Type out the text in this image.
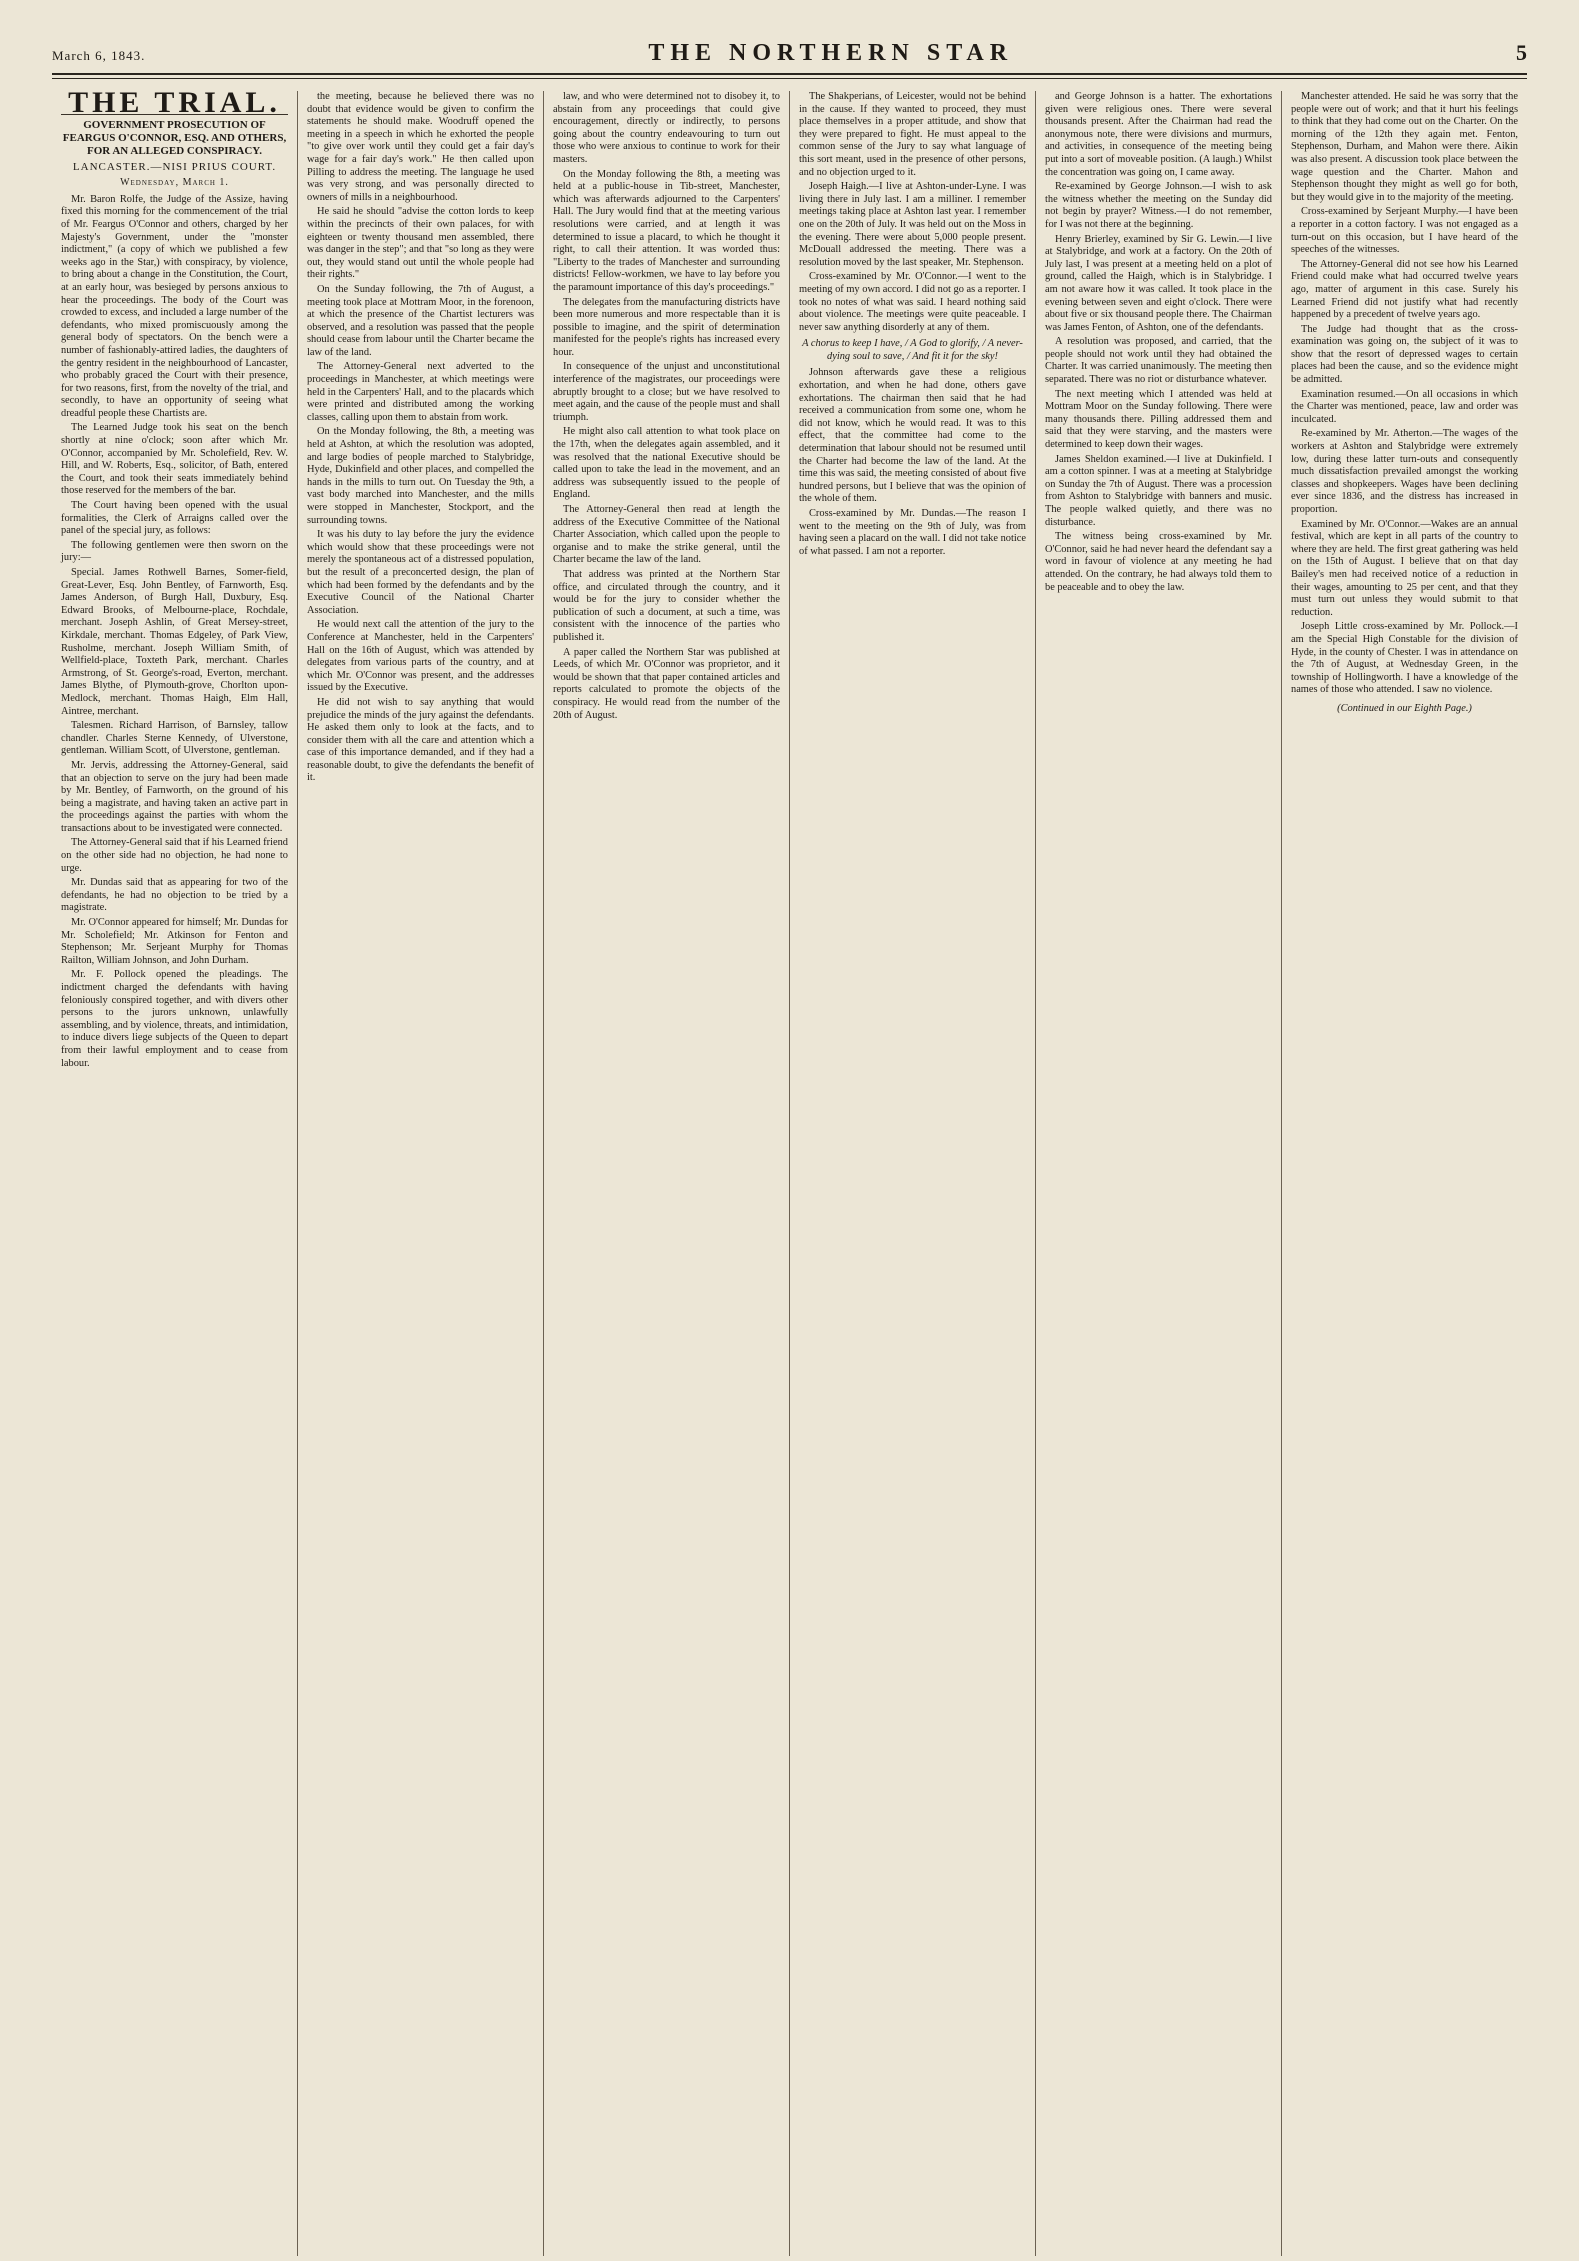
March 6, 1843.	THE NORTHERN STAR	5
THE TRIAL.
GOVERNMENT PROSECUTION OF FEARGUS O'CONNOR, ESQ. AND OTHERS, FOR AN ALLEGED CONSPIRACY.
LANCASTER.—NISI PRIUS COURT.
Wednesday, March 1.

Mr. Baron Rolfe, the Judge of the Assize, having fixed this morning for the commencement of the trial of Mr. Feargus O'Connor and others, charged by her Majesty's Government, under the "monster indictment," (a copy of which we published a few weeks ago in the Star,) with conspiracy, by violence, to bring about a change in the Constitution, the Court, at an early hour, was besieged by persons anxious to hear the proceedings. The body of the Court was crowded to excess, and included a large number of the defendants, who mixed promiscuously among the general body of spectators. On the bench were a number of fashionably-attired ladies, the daughters of the gentry resident in the neighbourhood of Lancaster, who probably graced the Court with their presence, for two reasons, first, from the novelty of the trial, and secondly, to have an opportunity of seeing what dreadful people these Chartists are.

The Learned Judge took his seat on the bench shortly at nine o'clock; soon after which Mr. O'Connor, accompanied by Mr. Scholefield, Rev. W. Hill, and W. Roberts, Esq., solicitor, of Bath, entered the Court, and took their seats immediately behind those reserved for the members of the bar.

The Court having been opened with the usual formalities, the Clerk of Arraigns called over the panel of the special jury, as follows:

The following gentlemen were then sworn on the jury:—

Special. James Rothwell Barnes, Somer-field, Great-Lever, Esq. John Bentley, of Farnworth, Esq. James Anderson, of Burgh Hall, Duxbury, Esq. Edward Brooks, of Melbourne-place, Rochdale, merchant. Joseph Ashlin, of Great Mersey-street, Kirkdale, merchant. Thomas Edgeley, of Park View, Rusholme, merchant. Joseph William Smith, of Wellfield-place, Toxteth Park, merchant. Charles Armstrong, of St. George's-road, Everton, merchant. James Blythe, of Plymouth-grove, Chorlton upon-Medlock, merchant. Thomas Haigh, Elm Hall, Aintree, merchant.

Talesmen. Richard Harrison, of Barnsley, tallow chandler. Charles Sterne Kennedy, of Ulverstone, gentleman. William Scott, of Ulverstone, gentleman.

Mr. Jervis, addressing the Attorney-General, said that an objection to serve on the jury had been made by Mr. Bentley, of Farnworth, on the ground of his being a magistrate, and having taken an active part in the proceedings against the parties with whom the transactions about to be investigated were connected.

The Attorney-General said that if his Learned friend on the other side had no objection, he had none to urge.

Mr. Dundas said that as appearing for two of the defendants, he had no objection to be tried by a magistrate.

Mr. O'Connor appeared for himself; Mr. Dundas for Mr. Scholefield; Mr. Atkinson for Fenton and Stephenson; Mr. Serjeant Murphy for Thomas Railton, William Johnson, and John Durham.

Mr. F. Pollock opened the pleadings. The indictment charged the defendants with having feloniously conspired together, and with divers other persons to the jurors unknown, unlawfully assembling, and by violence, threats, and intimidation, to induce divers liege subjects of the Queen to depart from their lawful employment and to cease from labour.

the meeting, because he believed there was no doubt that evidence would be given to confirm the statements he should make. Woodruff opened the meeting in a speech in which he exhorted the people "to give over work until they could get a fair day's wage for a fair day's work." He then called upon Pilling to address the meeting. The language he used was very strong, and was personally directed to owners of mills in a neighbourhood.

He said he should "advise the cotton lords to keep within the precincts of their own palaces, for with eighteen or twenty thousand men assembled, there was danger in the step"; and that "so long as they were out, they would stand out until the whole people had their rights."

On the Sunday following, the 7th of August, a meeting took place at Mottram Moor, in the forenoon, at which the presence of the Chartist lecturers was observed, and a resolution was passed that the people should cease from labour until the Charter became the law of the land.

The Attorney-General next adverted to the proceedings in Manchester, at which meetings were held in the Carpenters' Hall, and to the placards which were printed and distributed among the working classes, calling upon them to abstain from work.

On the Monday following, the 8th, a meeting was held at Ashton, at which the resolution was adopted, and large bodies of people marched to Stalybridge, Hyde, Dukinfield and other places, and compelled the hands in the mills to turn out. On Tuesday the 9th, a vast body marched into Manchester, and the mills were stopped in Manchester, Stockport, and the surrounding towns.

It was his duty to lay before the jury the evidence which would show that these proceedings were not merely the spontaneous act of a distressed population, but the result of a preconcerted design, the plan of which had been formed by the defendants and by the Executive Council of the National Charter Association.

He would next call the attention of the jury to the Conference at Manchester, held in the Carpenters' Hall on the 16th of August, which was attended by delegates from various parts of the country, and at which Mr. O'Connor was present, and the addresses issued by the Executive.

He did not wish to say anything that would prejudice the minds of the jury against the defendants. He asked them only to look at the facts, and to consider them with all the care and attention which a case of this importance demanded, and if they had a reasonable doubt, to give the defendants the benefit of it.

law, and who were determined not to disobey it, to abstain from any proceedings that could give encouragement, directly or indirectly, to persons going about the country endeavouring to turn out those who were anxious to continue to work for their masters.

On the Monday following the 8th, a meeting was held at a public-house in Tib-street, Manchester, which was afterwards adjourned to the Carpenters' Hall. The Jury would find that at the meeting various resolutions were carried, and at length it was determined to issue a placard, to which he thought it right, to call their attention. It was worded thus: "Liberty to the trades of Manchester and surrounding districts! Fellow-workmen, we have to lay before you the paramount importance of this day's proceedings."

The delegates from the manufacturing districts have been more numerous and more respectable than it is possible to imagine, and the spirit of determination manifested for the people's rights has increased every hour.

In consequence of the unjust and unconstitutional interference of the magistrates, our proceedings were abruptly brought to a close; but we have resolved to meet again, and the cause of the people must and shall triumph.

He might also call attention to what took place on the 17th, when the delegates again assembled, and it was resolved that the national Executive should be called upon to take the lead in the movement, and an address was subsequently issued to the people of England.

The Attorney-General then read at length the address of the Executive Committee of the National Charter Association, which called upon the people to organise and to make the strike general, until the Charter became the law of the land.

That address was printed at the Northern Star office, and circulated through the country, and it would be for the jury to consider whether the publication of such a document, at such a time, was consistent with the innocence of the parties who published it.

A paper called the Northern Star was published at Leeds, of which Mr. O'Connor was proprietor, and it would be shown that that paper contained articles and reports calculated to promote the objects of the conspiracy. He would read from the number of the 20th of August.

The Shakperians, of Leicester, would not be behind in the cause. If they wanted to proceed, they must place themselves in a proper attitude, and show that they were prepared to fight. He must appeal to the common sense of the Jury to say what language of this sort meant, used in the presence of other persons, and no objection urged to it.

Joseph Haigh.—I live at Ashton-under-Lyne. I was living there in July last. I am a milliner. I remember meetings taking place at Ashton last year. I remember one on the 20th of July. It was held out on the Moss in the evening. There were about 5,000 people present. McDouall addressed the meeting. There was a resolution moved by the last speaker, Mr. Stephenson.

Cross-examined by Mr. O'Connor.—I went to the meeting of my own accord. I did not go as a reporter. I took no notes of what was said. I heard nothing said about violence. The meetings were quite peaceable. I never saw anything disorderly at any of them.

A chorus to keep I have, / A God to glorify, / A never-dying soul to save, / And fit it for the sky!

Johnson afterwards gave these a religious exhortation, and when he had done, others gave exhortations. The chairman then said that he had received a communication from some one, whom he did not know, which he would read. It was to this effect, that the committee had come to the determination that labour should not be resumed until the Charter had become the law of the land. At the time this was said, the meeting consisted of about five hundred persons, but I believe that was the opinion of the whole of them.

Cross-examined by Mr. Dundas.—The reason I went to the meeting on the 9th of July, was from having seen a placard on the wall. I did not take notice of what passed. I am not a reporter.

and George Johnson is a hatter. The exhortations given were religious ones. There were several thousands present. After the Chairman had read the anonymous note, there were divisions and murmurs, and activities, in consequence of the meeting being put into a sort of moveable position. (A laugh.) Whilst the concentration was going on, I came away.

Re-examined by George Johnson.—I wish to ask the witness whether the meeting on the Sunday did not begin by prayer? Witness.—I do not remember, for I was not there at the beginning.

Henry Brierley, examined by Sir G. Lewin.—I live at Stalybridge, and work at a factory. On the 20th of July last, I was present at a meeting held on a plot of ground, called the Haigh, which is in Stalybridge. I am not aware how it was called. It took place in the evening between seven and eight o'clock. There were about five or six thousand people there. The Chairman was James Fenton, of Ashton, one of the defendants.

A resolution was proposed, and carried, that the people should not work until they had obtained the Charter. It was carried unanimously. The meeting then separated. There was no riot or disturbance whatever.

The next meeting which I attended was held at Mottram Moor on the Sunday following. There were many thousands there. Pilling addressed them and said that they were starving, and the masters were determined to keep down their wages.

James Sheldon examined.—I live at Dukinfield. I am a cotton spinner. I was at a meeting at Stalybridge on Sunday the 7th of August. There was a procession from Ashton to Stalybridge with banners and music. The people walked quietly, and there was no disturbance.

The witness being cross-examined by Mr. O'Connor, said he had never heard the defendant say a word in favour of violence at any meeting he had attended. On the contrary, he had always told them to be peaceable and to obey the law.

Manchester attended. He said he was sorry that the people were out of work; and that it hurt his feelings to think that they had come out on the Charter. On the morning of the 12th they again met. Fenton, Stephenson, Durham, and Mahon were there. Aikin was also present. A discussion took place between the wage question and the Charter. Mahon and Stephenson thought they might as well go for both, but they would give in to the majority of the meeting.

Cross-examined by Serjeant Murphy.—I have been a reporter in a cotton factory. I was not engaged as a turn-out on this occasion, but I have heard of the speeches of the witnesses.

The Attorney-General did not see how his Learned Friend could make what had occurred twelve years ago, matter of argument in this case. Surely his Learned Friend did not justify what had recently happened by a precedent of twelve years ago.

The Judge had thought that as the cross-examination was going on, the subject of it was to show that the resort of depressed wages to certain places had been the cause, and so the evidence might be admitted.

Examination resumed.—On all occasions in which the Charter was mentioned, peace, law and order was inculcated.

Re-examined by Mr. Atherton.—The wages of the workers at Ashton and Stalybridge were extremely low, during these latter turn-outs and consequently much dissatisfaction prevailed amongst the working classes and shopkeepers. Wages have been declining ever since 1836, and the distress has increased in proportion.

Examined by Mr. O'Connor.—Wakes are an annual festival, which are kept in all parts of the country to where they are held. The first great gathering was held on the 15th of August. I believe that on that day Bailey's men had received notice of a reduction in their wages, amounting to 25 per cent, and that they must turn out unless they would submit to that reduction.

Joseph Little cross-examined by Mr. Pollock.—I am the Special High Constable for the division of Hyde, in the county of Chester. I was in attendance on the 7th of August, at Wednesday Green, in the township of Hollingworth. I have a knowledge of the names of those who attended. I saw no violence.

(Continued in our Eighth Page.)
